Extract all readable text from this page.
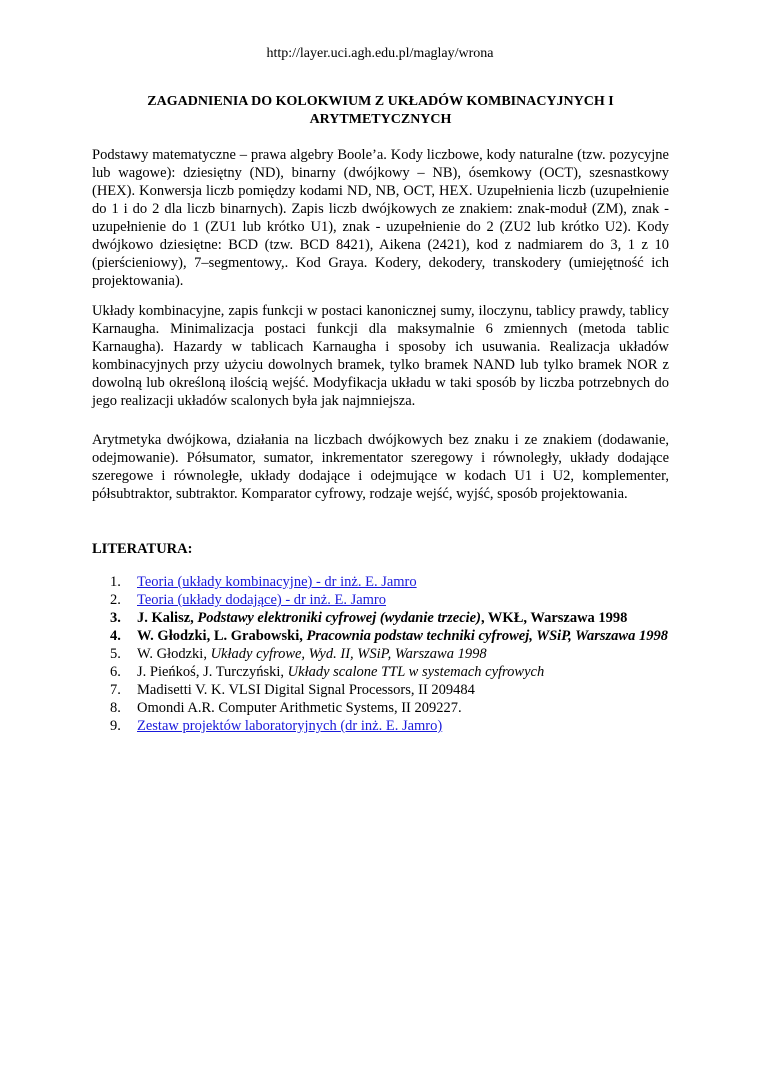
http://layer.uci.agh.edu.pl/maglay/wrona
ZAGADNIENIA DO KOLOKWIUM Z UKŁADÓW KOMBINACYJNYCH I ARYTMETYCZNYCH

Podstawy matematyczne – prawa algebry Boole’a. Kody liczbowe, kody naturalne (tzw. pozycyjne lub wagowe): dziesiętny (ND), binarny (dwójkowy – NB), ósemkowy (OCT), szesnastkowy (HEX). Konwersja liczb pomiędzy kodami ND, NB, OCT, HEX. Uzupełnienia liczb (uzupełnienie do 1 i do 2 dla liczb binarnych). Zapis liczb dwójkowych ze znakiem: znak-moduł (ZM), znak - uzupełnienie do 1 (ZU1 lub krótko U1), znak - uzupełnienie do 2 (ZU2 lub krótko U2). Kody dwójkowo dziesiętne: BCD (tzw. BCD 8421), Aikena (2421), kod z nadmiarem do 3, 1 z 10 (pierścieniowy), 7–segmentowy,. Kod Graya. Kodery, dekodery, transkodery (umiejętność ich projektowania).

Układy kombinacyjne, zapis funkcji w postaci kanonicznej sumy, iloczynu, tablicy prawdy, tablicy Karnaugha. Minimalizacja postaci funkcji dla maksymalnie 6 zmiennych (metoda tablic Karnaugha). Hazardy w tablicach Karnaugha i sposoby ich usuwania. Realizacja układów kombinacyjnych przy użyciu dowolnych bramek, tylko bramek NAND lub tylko bramek NOR z dowolną lub określoną ilością wejść. Modyfikacja układu w taki sposób by liczba potrzebnych do jego realizacji układów scalonych była jak najmniejsza.

Arytmetyka dwójkowa, działania na liczbach dwójkowych bez znaku i ze znakiem (dodawanie, odejmowanie). Półsumator, sumator, inkrementator szeregowy i równoległy, układy dodające szeregowe i równoległe, układy dodające i odejmujące w kodach U1 i U2, komplementer, półsubtraktor, subtraktor. Komparator cyfrowy, rodzaje wejść, wyjść, sposób projektowania.

LITERATURA:
1.	Teoria (układy kombinacyjne) - dr inż. E. Jamro
2.	Teoria (układy dodające) - dr inż. E. Jamro
3.	J. Kalisz, Podstawy elektroniki cyfrowej (wydanie trzecie), WKŁ, Warszawa 1998
4.	W. Głodzki, L. Grabowski, Pracownia podstaw techniki cyfrowej, WSiP, Warszawa 1998
5.	W. Głodzki, Układy cyfrowe, Wyd. II, WSiP, Warszawa 1998
6.	J. Pieńkoś, J. Turczyński, Układy scalone TTL w systemach cyfrowych
7.	Madisetti V. K. VLSI Digital Signal Processors, II 209484
8.	Omondi A.R. Computer Arithmetic Systems, II 209227.
9.	Zestaw projektów laboratoryjnych (dr inż. E. Jamro)
